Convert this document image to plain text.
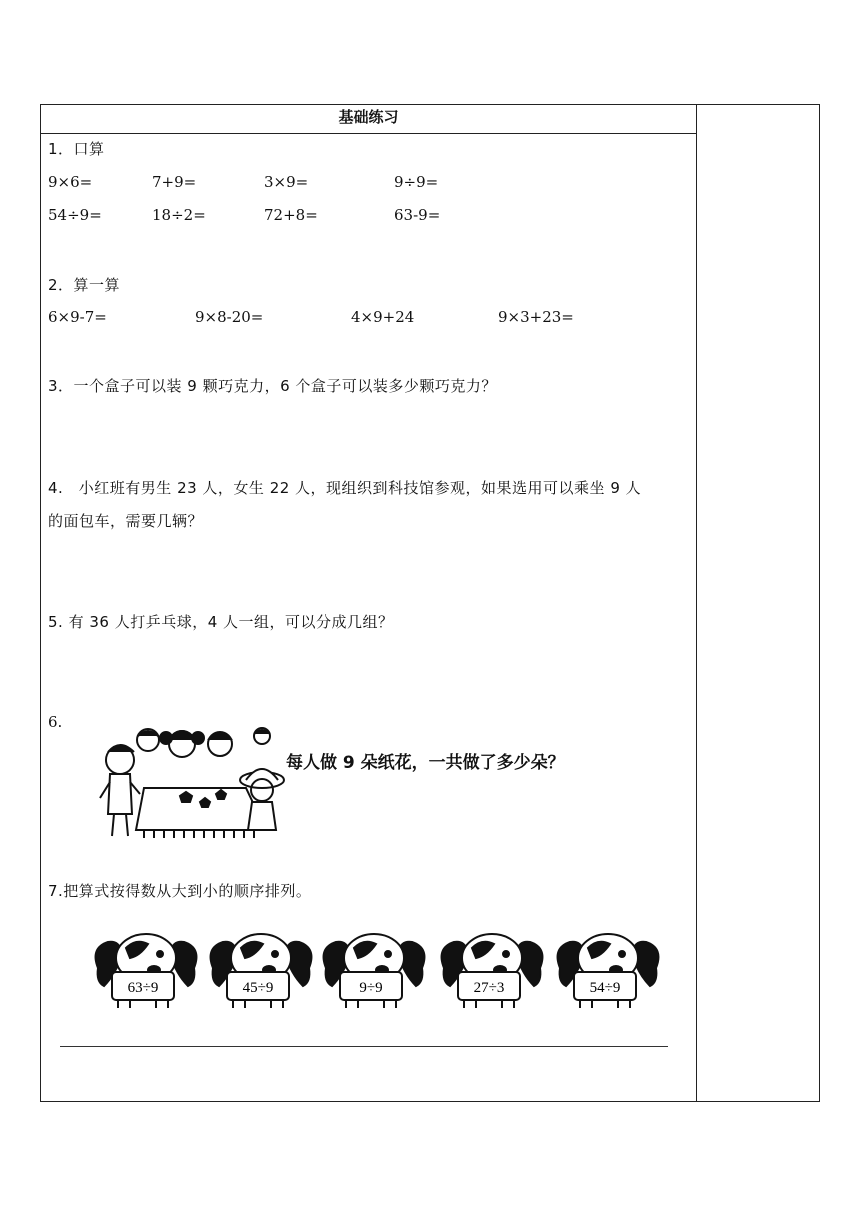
基础练习
1．口算
9×6=	7+9=	3×9=	9÷9=
54÷9=	18÷2=	72+8=	63-9=
2．算一算
6×9-7=	9×8-20=	4×9+24	9×3+23=
3．一个盒子可以装 9 颗巧克力，6 个盒子可以装多少颗巧克力？
4.　小红班有男生 23 人，女生 22 人，现组织到科技馆参观，如果选用可以乘坐 9 人
的面包车，需要几辆？
5. 有 36 人打乒乓球，4 人一组，可以分成几组？
6.
每人做 9 朵纸花，一共做了多少朵？
7.把算式按得数从大到小的顺序排列。
63÷9	45÷9	9÷9	27÷3	54÷9
